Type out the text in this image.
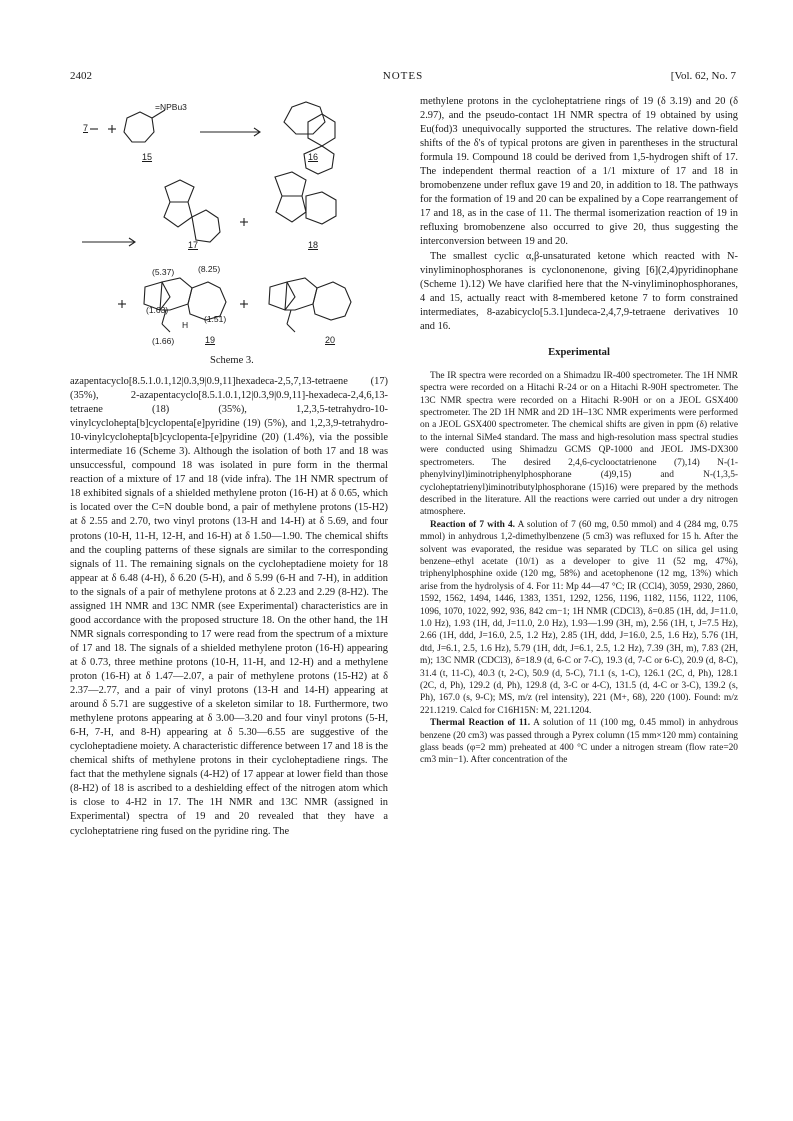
2402	NOTES	[Vol. 62, No. 7
7
=NPBu3
15	16
17	18
(5.37)	(8.25)
(1.63)
(1.51)
(1.66)
H
19	20
Scheme 3.

azapentacyclo[8.5.1.0.1,12|0.3,9|0.9,11]hexadeca-2,5,7,13-tetraene (17) (35%), 2-azapentacyclo[8.5.1.0.1,12|0.3,9|0.9,11]-hexadeca-2,4,6,13-tetraene (18) (35%), 1,2,3,5-tetrahydro-10-vinylcyclohepta[b]cyclopenta[e]pyridine (19) (5%), and 1,2,3,9-tetrahydro-10-vinylcyclohepta[b]cyclopenta-[e]pyridine (20) (1.4%), via the possible intermediate 16 (Scheme 3). Although the isolation of both 17 and 18 was unsuccessful, compound 18 was isolated in pure form in the thermal reaction of a mixture of 17 and 18 (vide infra). The 1H NMR spectrum of 18 exhibited signals of a shielded methylene proton (16-H) at δ 0.65, which is located over the C=N double bond, a pair of methylene protons (15-H2) at δ 2.55 and 2.70, two vinyl protons (13-H and 14-H) at δ 5.69, and four protons (10-H, 11-H, 12-H, and 16-H) at δ 1.50—1.90. The chemical shifts and the coupling patterns of these signals are similar to the corresponding signals of 11. The remaining signals on the cycloheptadiene moiety for 18 appear at δ 6.48 (4-H), δ 6.20 (5-H), and δ 5.99 (6-H and 7-H), in addition to the signals of a pair of methylene protons at δ 2.23 and 2.29 (8-H2). The assigned 1H NMR and 13C NMR (see Experimental) characteristics are in good accordance with the proposed structure 18. On the other hand, the 1H NMR signals corresponding to 17 were read from the spectrum of a mixture of 17 and 18. The signals of a shielded methylene proton (16-H) appearing at δ 0.73, three methine protons (10-H, 11-H, and 12-H) and a methylene proton (16-H) at δ 1.47—2.07, a pair of methylene protons (15-H2) at δ 2.37—2.77, and a pair of vinyl protons (13-H and 14-H) appearing at around δ 5.71 are suggestive of a skeleton similar to 18. Furthermore, two methylene protons appearing at δ 3.00—3.20 and four vinyl protons (5-H, 6-H, 7-H, and 8-H) appearing at δ 5.30—6.55 are suggestive of the cycloheptadiene moiety. A characteristic difference between 17 and 18 is the chemical shifts of methylene protons in their cycloheptadiene rings. The fact that the methylene signals (4-H2) of 17 appear at lower field than those (8-H2) of 18 is ascribed to a deshielding effect of the nitrogen atom which is close to 4-H2 in 17. The 1H NMR and 13C NMR (assigned in Experimental) spectra of 19 and 20 revealed that they have a cycloheptatriene ring fused on the pyridine ring. The

methylene protons in the cycloheptatriene rings of 19 (δ 3.19) and 20 (δ 2.97), and the pseudo-contact 1H NMR spectra of 19 obtained by using Eu(fod)3 unequivocally supported the structures. The relative down-field shifts of the δ's of typical protons are given in parentheses in the structural formula 19. Compound 18 could be derived from 1,5-hydrogen shift of 17. The independent thermal reaction of a 1/1 mixture of 17 and 18 in bromobenzene under reflux gave 19 and 20, in addition to 18. The pathways for the formation of 19 and 20 can be expalined by a Cope rearrangement of 17 and 18, as in the case of 11. The thermal isomerization reaction of 19 in refluxing bromobenzene also occurred to give 20, thus suggesting the interconversion between 19 and 20.

The smallest cyclic α,β-unsaturated ketone which reacted with N-vinyliminophosphoranes is cyclononenone, giving [6](2,4)pyridinophane (Scheme 1).12) We have clarified here that the N-vinyliminophosphoranes, 4 and 15, actually react with 8-membered ketone 7 to form constrained intermediates, 8-azabicyclo[5.3.1]undeca-2,4,7,9-tetraene derivatives 10 and 16.

Experimental

The IR spectra were recorded on a Shimadzu IR-400 spectrometer. The 1H NMR spectra were recorded on a Hitachi R-24 or on a Hitachi R-90H spectrometer. The 13C NMR spectra were recorded on a Hitachi R-90H or on a JEOL GSX400 spectrometer. The 2D 1H NMR and 2D 1H–13C NMR experiments were performed on a JEOL GSX400 spectrometer. The chemical shifts are given in ppm (δ) relative to the internal SiMe4 standard. The mass and high-resolution mass spectral studies were conducted using Shimadzu GCMS QP-1000 and JEOL JMS-DX300 spectrometers. The desired 2,4,6-cyclooctatrienone (7),14) N-(1-phenylvinyl)iminotriphenylphosphorane (4)9,15) and N-(1,3,5-cycloheptatrienyl)iminotributylphosphorane (15)16) were prepared by the methods described in the literature. All the reactions were carried out under a dry nitrogen atmosphere.

Reaction of 7 with 4. A solution of 7 (60 mg, 0.50 mmol) and 4 (284 mg, 0.75 mmol) in anhydrous 1,2-dimethylbenzene (5 cm3) was refluxed for 15 h. After the solvent was evaporated, the residue was separated by TLC on silica gel using benzene–ethyl acetate (10/1) as a developer to give 11 (52 mg, 47%), triphenylphosphine oxide (120 mg, 58%) and acetophenone (12 mg, 13%) which arise from the hydrolysis of 4. For 11: Mp 44—47 °C; IR (CCl4), 3059, 2930, 2860, 1592, 1562, 1494, 1446, 1383, 1351, 1292, 1256, 1196, 1182, 1156, 1122, 1106, 1096, 1070, 1022, 992, 936, 842 cm−1; 1H NMR (CDCl3), δ=0.85 (1H, dd, J=11.0, 1.0 Hz), 1.93 (1H, dd, J=11.0, 2.0 Hz), 1.93—1.99 (3H, m), 2.56 (1H, t, J=7.5 Hz), 2.66 (1H, ddd, J=16.0, 2.5, 1.2 Hz), 2.85 (1H, ddd, J=16.0, 2.5, 1.6 Hz), 5.76 (1H, dtd, J=6.1, 2.5, 1.6 Hz), 5.79 (1H, ddt, J=6.1, 2.5, 1.2 Hz), 7.39 (3H, m), 7.83 (2H, m); 13C NMR (CDCl3), δ=18.9 (d, 6-C or 7-C), 19.3 (d, 7-C or 6-C), 20.9 (d, 8-C), 31.4 (t, 11-C), 40.3 (t, 2-C), 50.9 (d, 5-C), 71.1 (s, 1-C), 126.1 (2C, d, Ph), 128.1 (2C, d, Ph), 129.2 (d, Ph), 129.8 (d, 3-C or 4-C), 131.5 (d, 4-C or 3-C), 139.2 (s, Ph), 167.0 (s, 9-C); MS, m/z (rel intensity), 221 (M+, 68), 220 (100). Found: m/z 221.1219. Calcd for C16H15N: M, 221.1204.

Thermal Reaction of 11. A solution of 11 (100 mg, 0.45 mmol) in anhydrous benzene (20 cm3) was passed through a Pyrex column (15 mm×120 mm) containing glass beads (φ=2 mm) preheated at 400 °C under a nitrogen stream (flow rate=20 cm3 min−1). After concentration of the
